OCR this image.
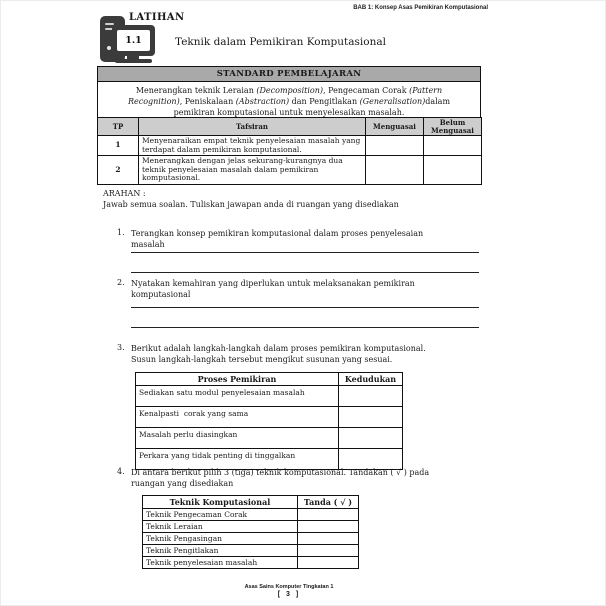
BAB 1: Konsep Asas Pemikiran Komputasional
1.1
LATIHAN
Teknik dalam Pemikiran Komputasional
STANDARD PEMBELAJARAN
Menerangkan teknik Leraian (Decomposition), Pengecaman Corak (Pattern
Recognition), Peniskalaan (Abstraction) dan Pengitlakan (Generalisation)dalam
pemikiran komputasional untuk menyelesaikan masalah.
TP	Tafsiran	Menguasai	Belum Menguasai
1	Menyenaraikan empat teknik penyelesaian masalah yang terdapat dalam pemikiran komputasional.		
2	Menerangkan dengan jelas sekurang-kurangnya dua teknik penyelesaian masalah dalam pemikiran komputasional.		
ARAHAN :
Jawab semua soalan. Tuliskan jawapan anda di ruangan yang disediakan
1. Terangkan konsep pemikiran komputasional dalam proses penyelesaian
masalah
2. Nyatakan kemahiran yang diperlukan untuk melaksanakan pemikiran
komputasional
3. Berikut adalah langkah-langkah dalam proses pemikiran komputasional.
Susun langkah-langkah tersebut mengikut susunan yang sesuai.
Proses Pemikiran	Kedudukan
Sediakan satu modul penyelesaian masalah	
Kenalpasti  corak yang sama	
Masalah perlu diasingkan	
Perkara yang tidak penting di tinggalkan	
4. Di antara berikut pilih 3 (tiga) teknik komputasional. Tandakan ( √ ) pada
ruangan yang disediakan
Teknik Komputasional	Tanda ( √ )
Teknik Pengecaman Corak	
Teknik Leraian	
Teknik Pengasingan	
Teknik Pengitlakan	
Teknik penyelesaian masalah	
Asas Sains Komputer Tingkatan 1
[ 3 ]
